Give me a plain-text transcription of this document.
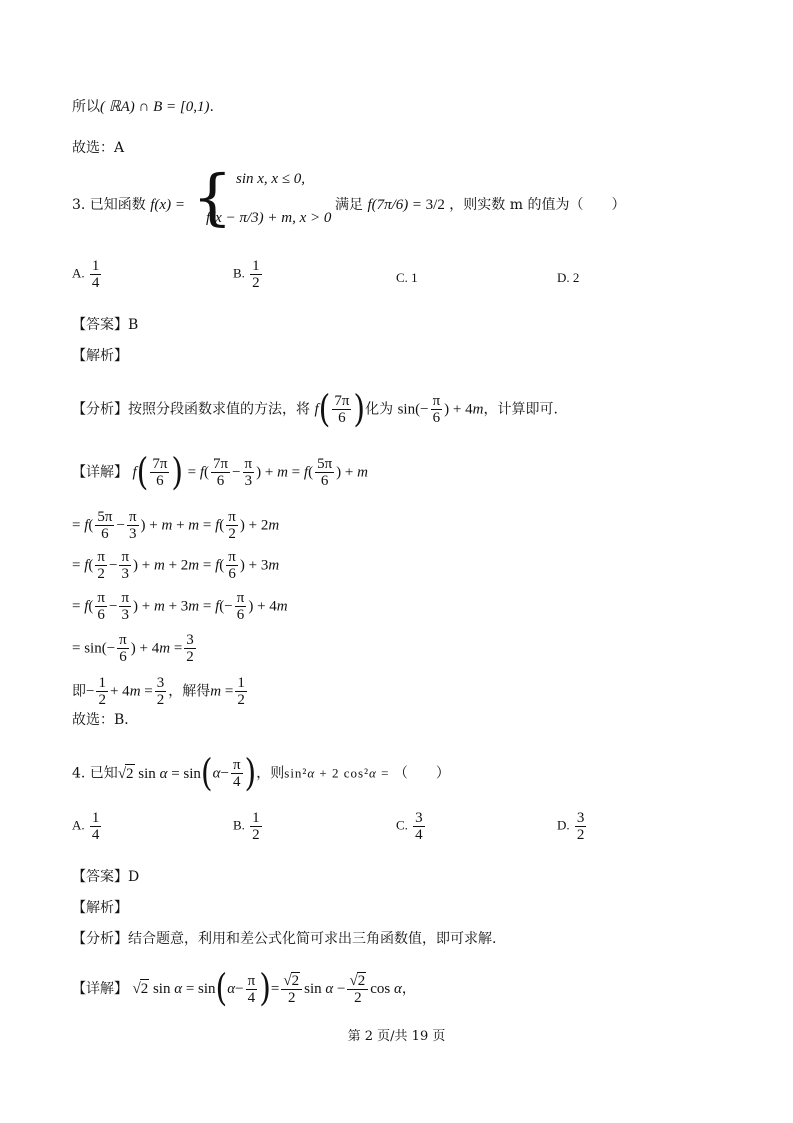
所以( ℝA) ∩ B = [0,1).
故选：A
3. 已知函数 f(x) = { sin x, x ≤ 0,
f(x − π/3) + m, x > 0
满足 f(7π/6) = 3/2 ，则实数 m 的值为（　　）
A. $\frac{1}{4}$	B. $\frac{1}{2}$	C. 1	D. 2
【答案】B
【解析】
【分析】按照分段函数求值的方法，将 $f( \frac{7\pi}{6}$ )化为 $\sin(- \frac{\pi}{6}$ ) + 4m，计算即可.
【详解】 $f( \frac{7\pi}{6}$ ) = $f( \frac{7\pi}{6} - \frac{\pi}{3}$ ) + $m = f( \frac{5\pi}{6}$ ) + m
= $f( \frac{5\pi}{6} - \frac{\pi}{3}$ ) + $m + m = f( \frac{\pi}{2}$ ) + 2m
= $f( \frac{\pi}{2} - \frac{\pi}{3}$ ) + $m + 2m = f( \frac{\pi}{6}$ ) + 3m
= $f( \frac{\pi}{6} - \frac{\pi}{3}$ ) + $m + 3m = f(- \frac{\pi}{6}$ ) + 4m
= $\sin(- \frac{\pi}{6}$ ) + $4m = \frac{3}{2}$
即− $\frac{1}{2} + 4m = \frac{3}{2}$ ，解得$m = \frac{1}{2}$
故选：B．
4. 已知√2 $\sin \alpha = \sin(\alpha- \frac{\pi}{4}$ )，则sin²α + 2 cos²α = （　　）
A. $\frac{1}{4}$	B. $\frac{1}{2}$	C. $\frac{3}{4}$	D. $\frac{3}{2}$
【答案】D
【解析】
【分析】结合题意，利用和差公式化简可求出三角函数值，即可求解.
【详解】 √2 $\sin \alpha = \sin(\alpha- \frac{\pi}{4}$ )= $\frac{√2}{2}$ $\sin \alpha - \frac{√2}{2}$ cos α，
第 2 页/共 19 页
